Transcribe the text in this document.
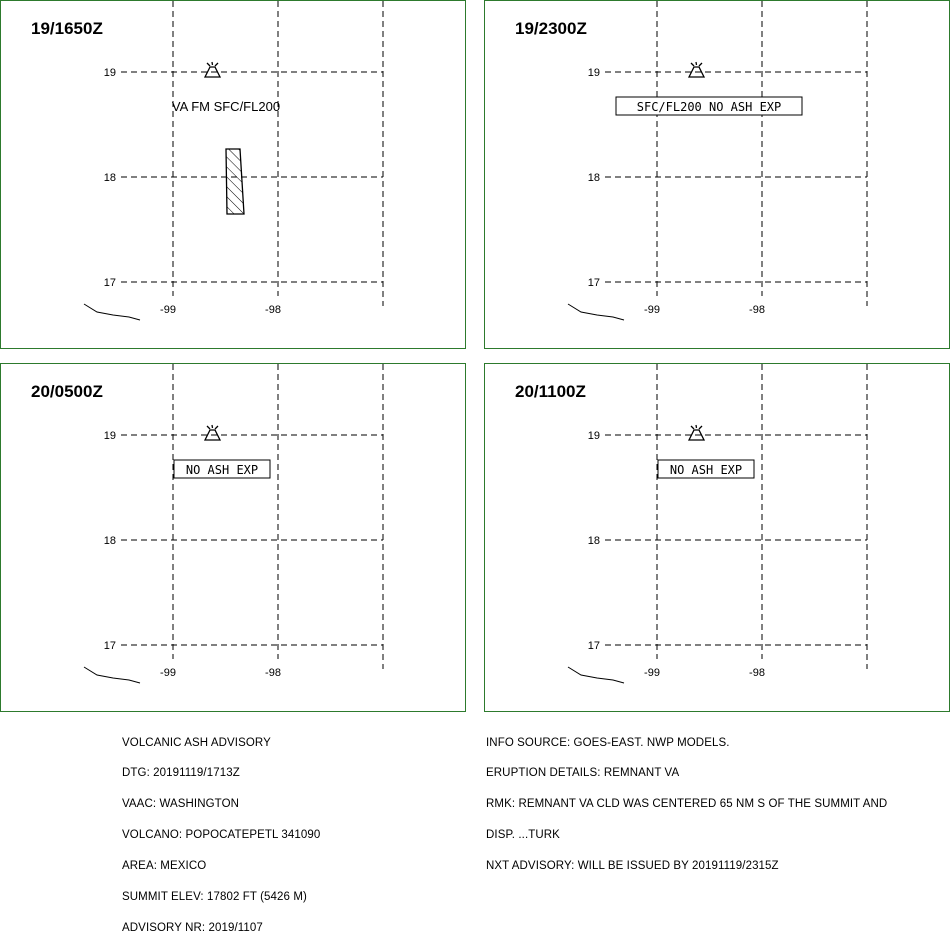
19/1650Z
19
18
17
-99	-98
VA FM SFC/FL200
19/2300Z
19
18
17
-99	-98
SFC/FL200 NO ASH EXP
20/0500Z
19
18
17
-99	-98
NO ASH EXP
20/1100Z
19
18
17
-99	-98
NO ASH EXP

VOLCANIC ASH ADVISORY

DTG: 20191119/1713Z

VAAC: WASHINGTON

VOLCANO: POPOCATEPETL 341090

AREA: MEXICO

SUMMIT ELEV: 17802 FT (5426 M)

ADVISORY NR: 2019/1107

INFO SOURCE: GOES-EAST. NWP MODELS.

ERUPTION DETAILS: REMNANT VA

RMK: REMNANT VA CLD WAS CENTERED 65 NM S OF THE SUMMIT AND

DISP. ...TURK

NXT ADVISORY: WILL BE ISSUED BY 20191119/2315Z
